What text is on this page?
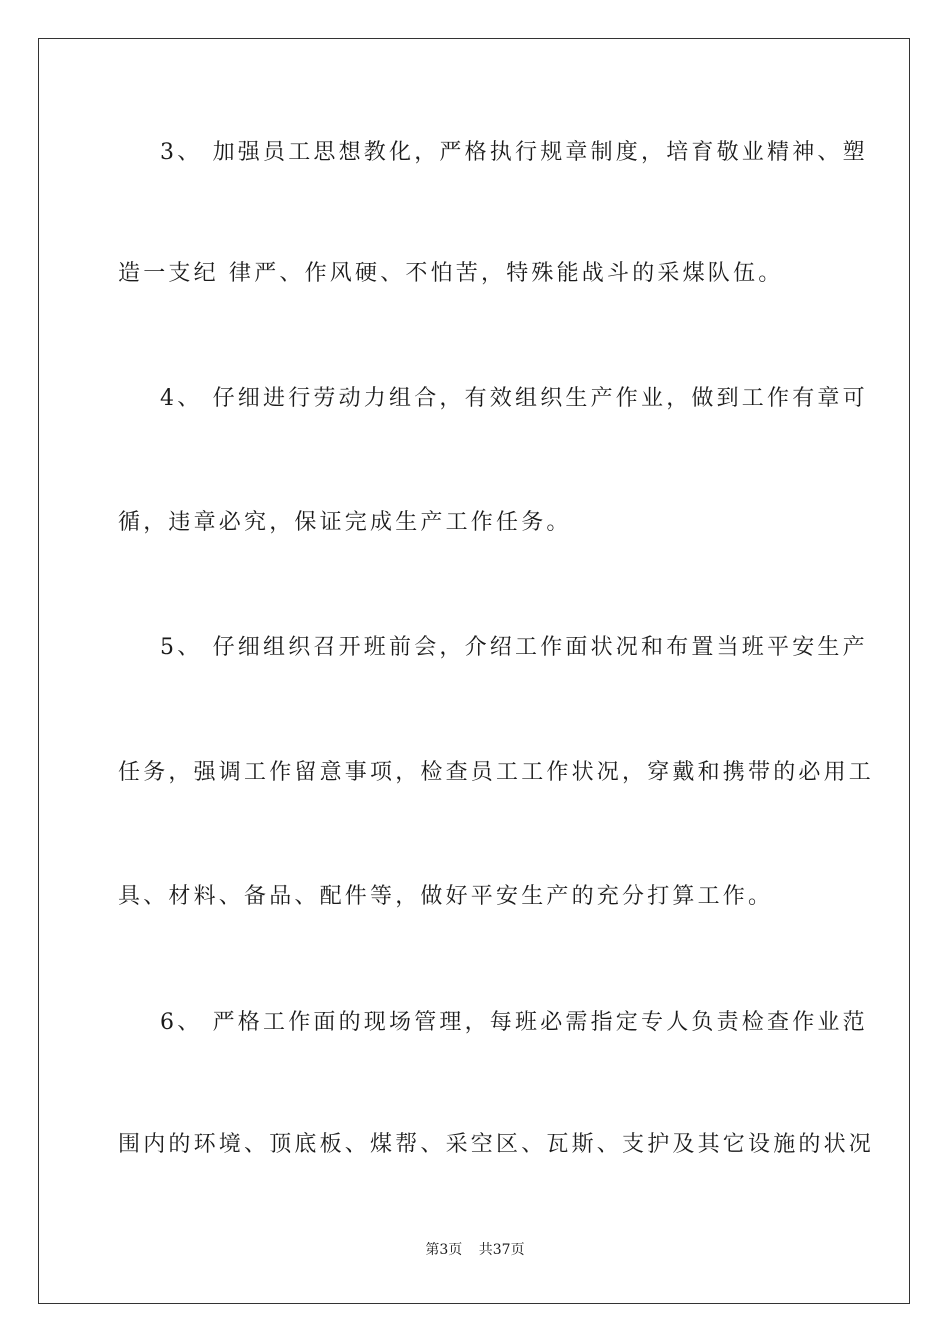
3、 加强员工思想教化，严格执行规章制度，培育敬业精神、塑
造一支纪 律严、作风硬、不怕苦，特殊能战斗的采煤队伍。
4、 仔细进行劳动力组合，有效组织生产作业，做到工作有章可
循，违章必究，保证完成生产工作任务。
5、 仔细组织召开班前会，介绍工作面状况和布置当班平安生产
任务，强调工作留意事项，检查员工工作状况，穿戴和携带的必用工
具、材料、备品、配件等，做好平安生产的充分打算工作。
6、 严格工作面的现场管理，每班必需指定专人负责检查作业范
围内的环境、顶底板、煤帮、采空区、瓦斯、支护及其它设施的状况
第3页 共37页
